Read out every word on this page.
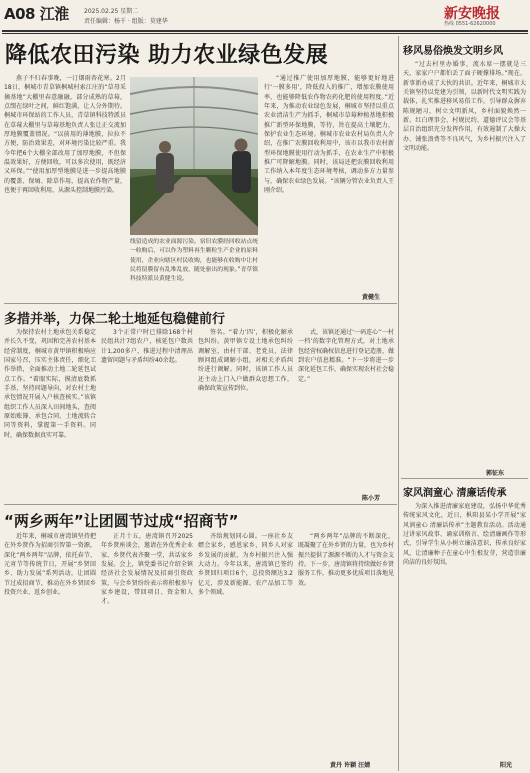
A08 江淮	2025.02.25 星期二
责任编辑：杨千 · 组版：莫建华	新安晚报
热线 0551-62620000
降低农田污染 助力农业绿色发展
燕子不归春事晚，一汀烟雨杏花寒。2月18日，桐城市青草镇桐城村索江庄的“草母采摘基地”大棚里春意融融，部分成熟的草莓，点缀在绿叶之间，鲜红饱满，让人分外期待。桐城市环保站的工作人员，青草镇科技特派员在草莓大棚里与草莓基地负责人张让正交流加厚地膜覆盖情况。“以前用的薄地膜，拉拉不方便，防治效果差，对环境污染比较严重。我今年把6个大棚全部改用了加厚地膜，不但保温效果好，方便回收，可以多次使用，既经济又环保。”“使用加厚型地膜是进一步提高地膜的覆盖、保墒、除草作用，提高农作物产量，也便于再回收利用，从源头控制地膜污染。
线留造成的农业面源污染。宿旧农膜经回收站点统一收购后，可以作为塑料再生颗粒生产企业的原料使用，企业向辖区村民收购，也能够在收购中让村民将留膜留有乱堆乱放，随处驱出的现象。”青草镇科技特派员黄健生说。
多措并举，力保二轮土地延包稳健前行
为保持农村土地承包关系稳定并长久不变，巩固和完善农村基本经营制度，桐城市黄甲镇积极响应国家号召，压实主体责任，细化工作举措，全面推动土地二轮延包试点工作。“着眼实际，摸清底数抓手基，坚持问题导向，对农村土地承包情况开展入户核查核实。”该镇组织工作人员深入田间地头，查阅原始账簿、承包合同、土地流转合同等资料，掌握第一手资料。同时，确保数据真实可靠。
3个正常户时已排除168个村民组共汁7组农户，核延包户数共计1,200多户，推进过程中清理出遗留问题与矛盾纠纷40余起。
签名。“着力‘四’，积极化解承包纠纷。黄甲镇专设土地承包纠纷调解室，由村干部、老党员、法律顾问组成调解小组，对相关矛盾纠纷进行调解。同时，该镇工作人员还主动上门入户做群众思想工作，确保政策宣传到位。
式，该镇还通过‘一码连心’‘一村一档’的数字化管理方式，对土地承包经营权确权信息进行登记造册，做到农户信息精准。“下一步将进一步深化延包工作，确保实现农村社会稳定。”
陈小芳
“两乡两年”让团圆节过成“招商节”
近年来，桐城市唐湾镇坚持把在外乡贤作为招商引智第一资源，深化“两乡两年”品牌，依托春节、元宵节等传统节日，开展“乡贤回乡、助力发展”系列活动，让团圆节过成招商节，推动在外乡贤回乡投资兴业、返乡创业。
正月十五，唐湾镇召开2025年乡贤座谈会，邀请在外优秀企业家、乡贤代表齐聚一堂，共话家乡发展。会上，镇党委书记介绍全镇经济社会发展情况及招商引资政策，与会乡贤纷纷表示将积极参与家乡建设，带回项目、资金和人才。
齐给规划同心圆。一座社乡友婿会家乡，感恩家乡，同乡人对家乡发展的贡献，为乡村振兴注入强大动力。今年以来，唐湾镇已签约乡贤回归项目6个，总投资额达3.2亿元，涉及新能源、农产品加工等多个领域。
“两乡两年”品牌的不断深化，既凝聚了在外乡贤的力量，也为乡村振兴提供了源源不断的人才与资金支持。下一步，唐湾镇将持续做好乡贤服务工作，推动更多优质项目落地见效。
黄丹 许颖 汪婧
移风易俗焕发文明乡风
“过去村里办婚事，流水席一摆就是三天，家家户户都怕丢了面子硬撑排场。”现在，新事新办成了大伙的共识。近年来，桐城市大关镇坚持以党建为引领，以新时代文明实践为载体，扎实推进移风易俗工作，引导群众摒弃陈规陋习，树立文明新风，乡村面貌焕然一新。红白理事会、村规民约、道德评议会等基层自治组织充分发挥作用，有效遏制了大操大办、铺张浪费等不良风气，为乡村振兴注入了文明动能。
郭征东
家风润童心 清廉话传承
为深入推进清廉家庭建设，弘扬中华优秀传统家风文化，近日，枞阳县某小学开展“家风润童心 清廉话传承”主题教育活动。活动通过讲家风故事、诵家训格言、绘清廉画作等形式，引导学生从小树立廉洁意识，传承良好家风，让清廉种子在童心中生根发芽，营造崇廉尚洁的良好氛围。
阳光
“通过推广使用加厚地膜，能够更好地进行‘一膜多用’，降低投入的推广，增加农膜使用率，也能够降低农作物农药化肥的使用程度。”近年来，为推动农业绿色发展，桐城市坚持以重点农业清洁生产为抓手，桐城市草莓种植基地积极推广新型环保地膜，等待，旨在提高土壤肥力，保护农业生态环境。桐城市农业农村局负责人介绍，在推广农膜回收利用中，该市以我市农村新型环保地膜使用行动为抓手，在农业生产中积极推广可降解地膜。同时，该局还把农膜回收利用工作纳入本年度生态环境考核，调动多方力量参与，确保农业绿色发展。“该辆分管农业负责人王刚介绍。
黄健生
